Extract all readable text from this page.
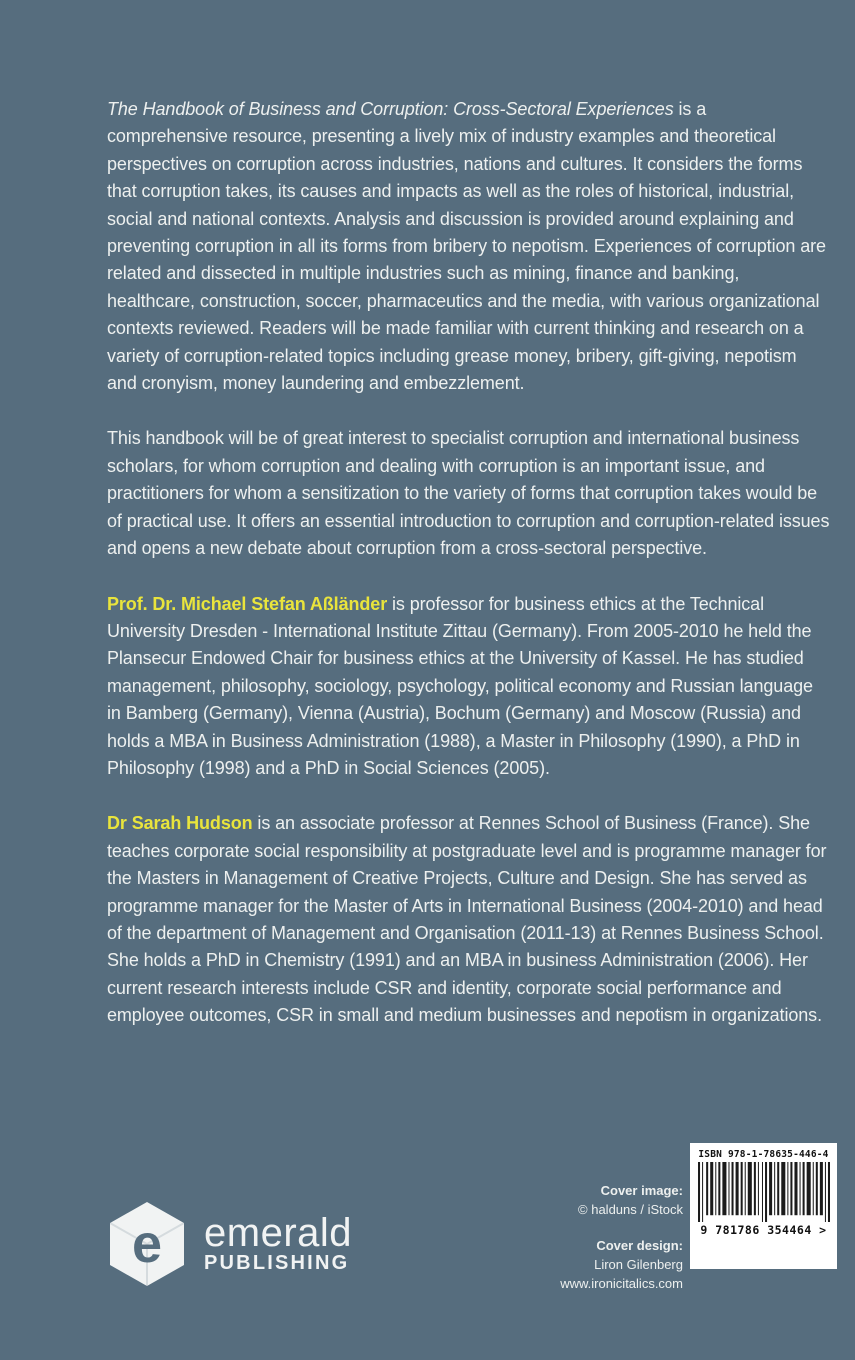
The Handbook of Business and Corruption: Cross-Sectoral Experiences is a comprehensive resource, presenting a lively mix of industry examples and theoretical perspectives on corruption across industries, nations and cultures. It considers the forms that corruption takes, its causes and impacts as well as the roles of historical, industrial, social and national contexts. Analysis and discussion is provided around explaining and preventing corruption in all its forms from bribery to nepotism. Experiences of corruption are related and dissected in multiple industries such as mining, finance and banking, healthcare, construction, soccer, pharmaceutics and the media, with various organizational contexts reviewed. Readers will be made familiar with current thinking and research on a variety of corruption-related topics including grease money, bribery, gift-giving, nepotism and cronyism, money laundering and embezzlement.

This handbook will be of great interest to specialist corruption and international business scholars, for whom corruption and dealing with corruption is an important issue, and practitioners for whom a sensitization to the variety of forms that corruption takes would be of practical use. It offers an essential introduction to corruption and corruption-related issues and opens a new debate about corruption from a cross-sectoral perspective.

Prof. Dr. Michael Stefan Aßländer is professor for business ethics at the Technical University Dresden - International Institute Zittau (Germany). From 2005-2010 he held the Plansecur Endowed Chair for business ethics at the University of Kassel. He has studied management, philosophy, sociology, psychology, political economy and Russian language in Bamberg (Germany), Vienna (Austria), Bochum (Germany) and Moscow (Russia) and holds a MBA in Business Administration (1988), a Master in Philosophy (1990), a PhD in Philosophy (1998) and a PhD in Social Sciences (2005).

Dr Sarah Hudson is an associate professor at Rennes School of Business (France). She teaches corporate social responsibility at postgraduate level and is programme manager for the Masters in Management of Creative Projects, Culture and Design. She has served as programme manager for the Master of Arts in International Business (2004-2010) and head of the department of Management and Organisation (2011-13) at Rennes Business School. She holds a PhD in Chemistry (1991) and an MBA in business Administration (2006). Her current research interests include CSR and identity, corporate social performance and employee outcomes, CSR in small and medium businesses and nepotism in organizations.

e emerald
PUBLISHING
Cover image:
© halduns / iStock
Cover design:
Liron Gilenberg
www.ironicitalics.com
ISBN 978-1-78635-446-4
9 781786 354464 >
